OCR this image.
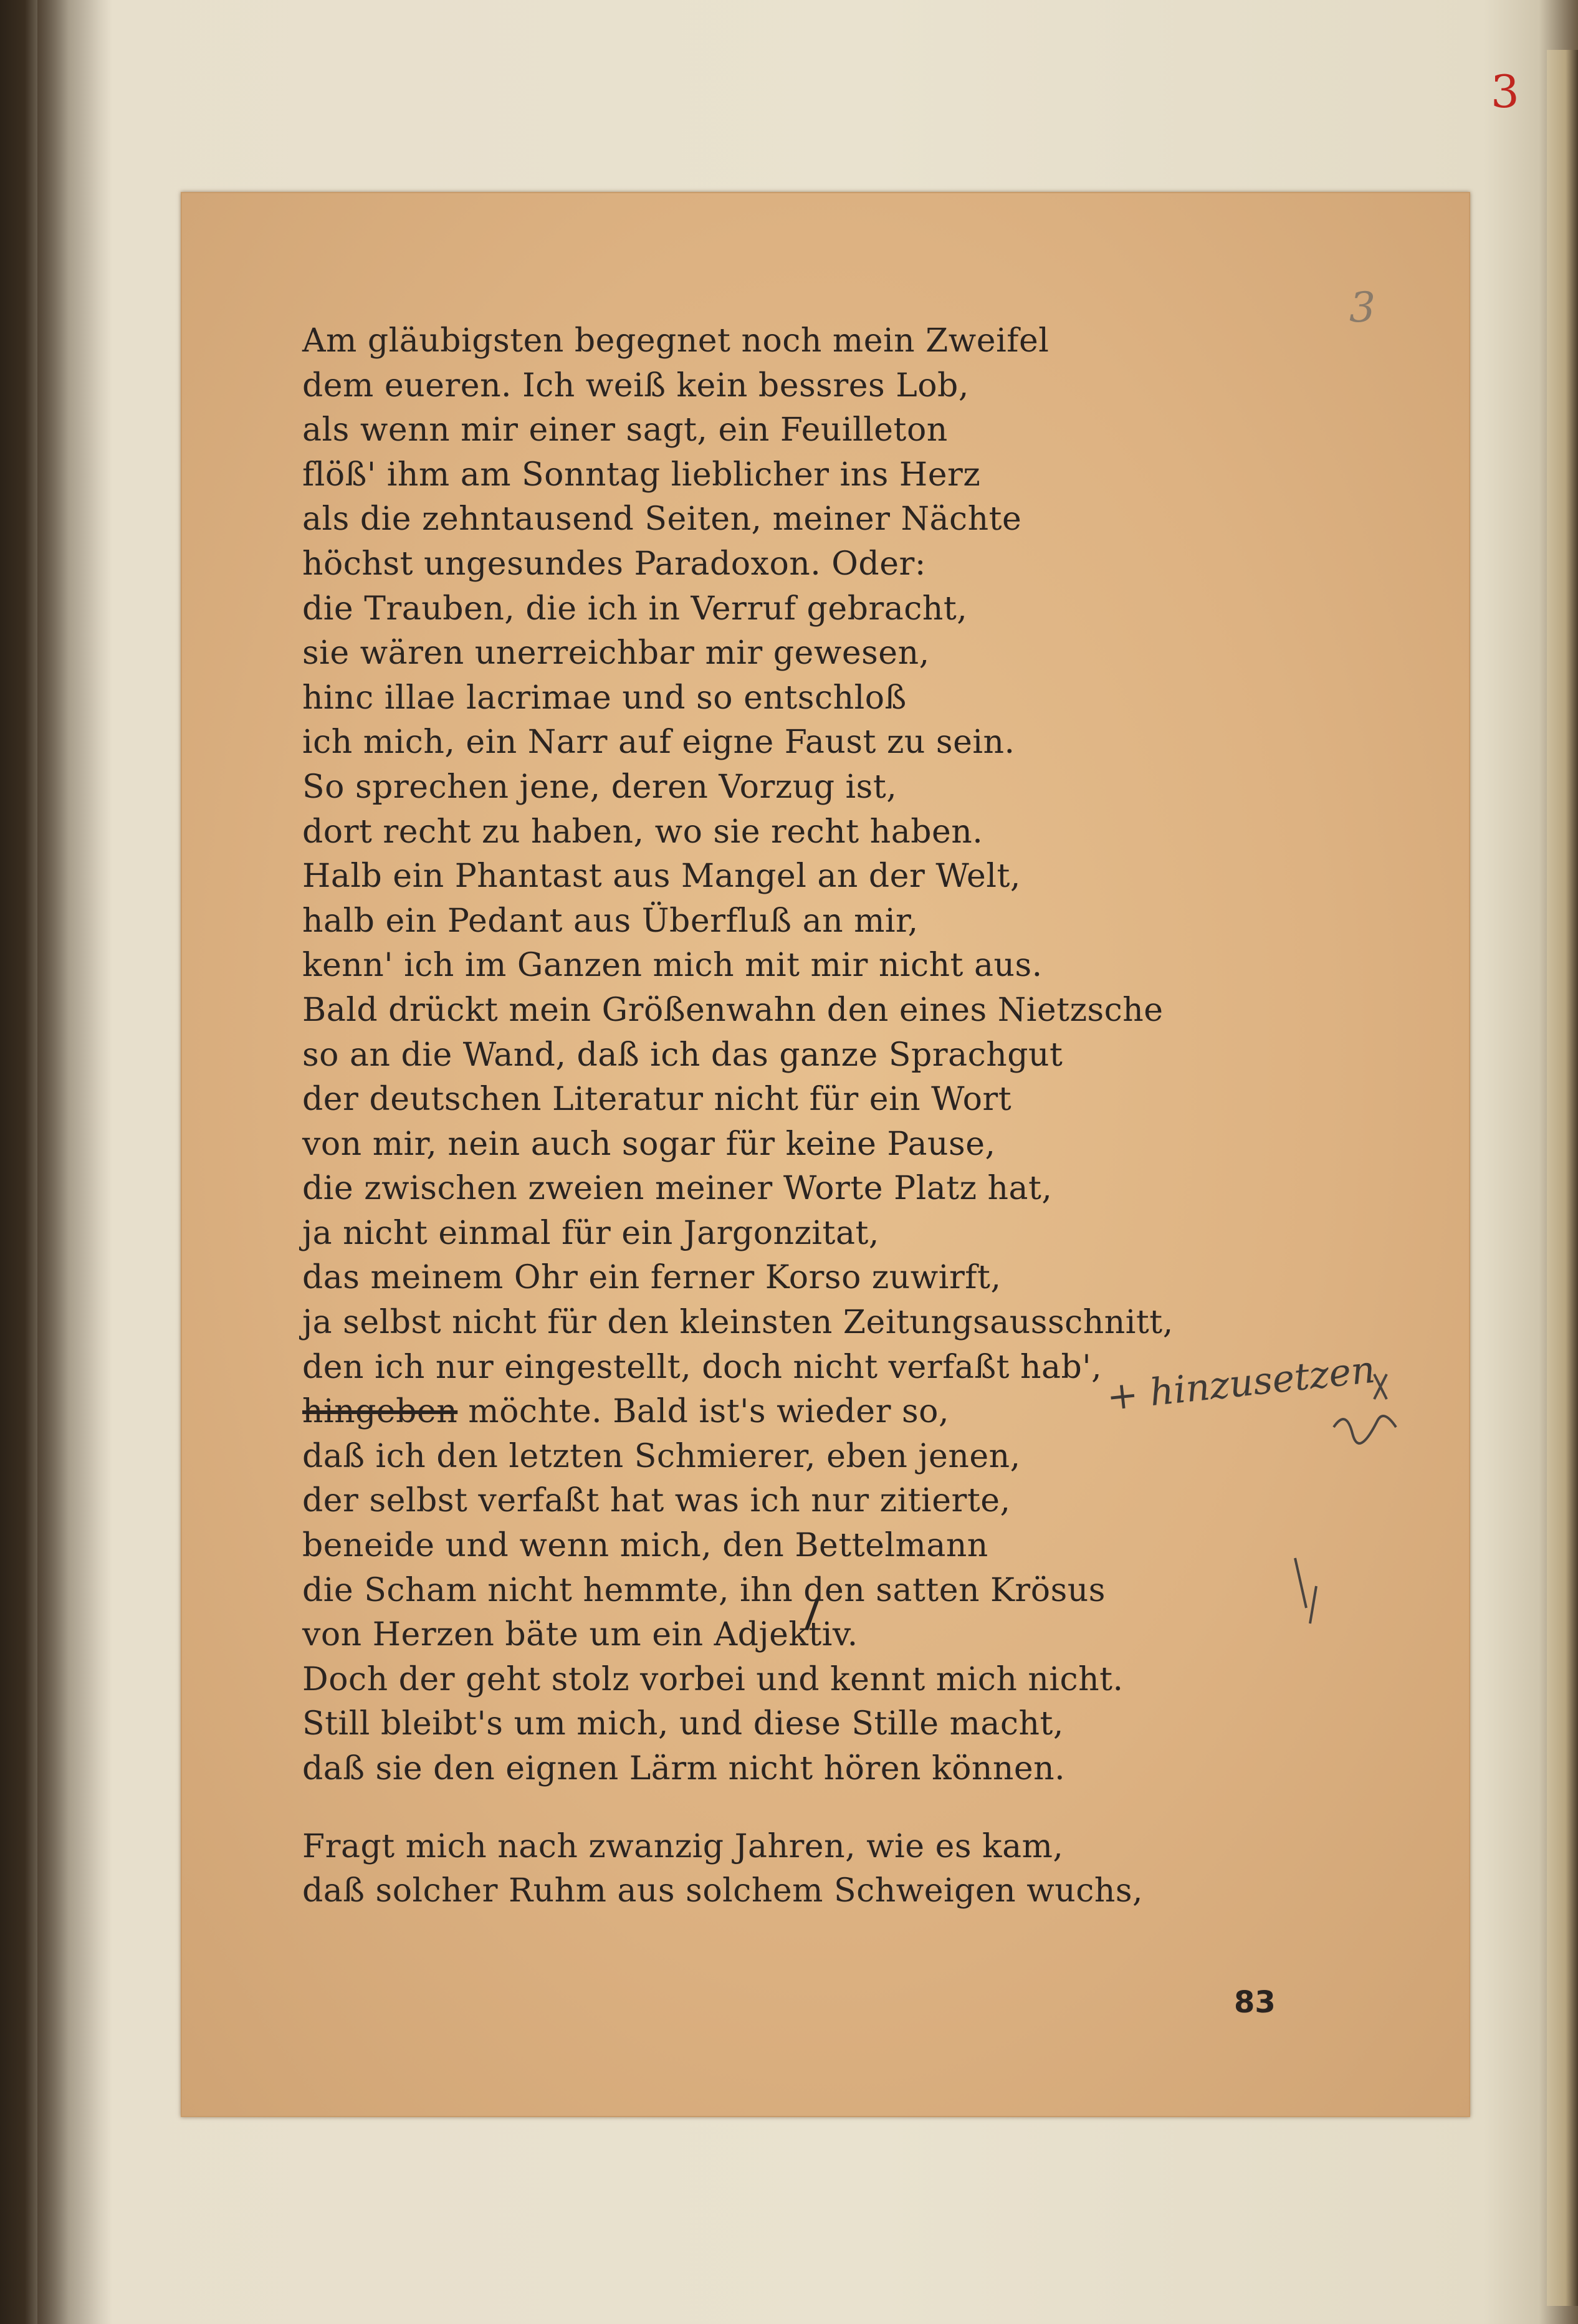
3
3
Am gläubigsten begegnet noch mein Zweifel
dem eueren. Ich weiß kein bessres Lob,
als wenn mir einer sagt, ein Feuilleton
flöß' ihm am Sonntag lieblicher ins Herz
als die zehntausend Seiten, meiner Nächte
höchst ungesundes Paradoxon. Oder:
die Trauben, die ich in Verruf gebracht,
sie wären unerreichbar mir gewesen,
hinc illae lacrimae und so entschloß
ich mich, ein Narr auf eigne Faust zu sein.
So sprechen jene, deren Vorzug ist,
dort recht zu haben, wo sie recht haben.
Halb ein Phantast aus Mangel an der Welt,
halb ein Pedant aus Überfluß an mir,
kenn' ich im Ganzen mich mit mir nicht aus.
Bald drückt mein Größenwahn den eines Nietzsche
so an die Wand, daß ich das ganze Sprachgut
der deutschen Literatur nicht für ein Wort
von mir, nein auch sogar für keine Pause,
die zwischen zweien meiner Worte Platz hat,
ja nicht einmal für ein Jargonzitat,
das meinem Ohr ein ferner Korso zuwirft,
ja selbst nicht für den kleinsten Zeitungsausschnitt,
den ich nur eingestellt, doch nicht verfaßt hab',
hingeben möchte. Bald ist's wieder so,
daß ich den letzten Schmierer, eben jenen,
der selbst verfaßt hat was ich nur zitierte,
beneide und wenn mich, den Bettelmann
die Scham nicht hemmte, ihn den satten Krösus
von Herzen bäte um ein Adjektiv.
Doch der geht stolz vorbei und kennt mich nicht.
Still bleibt's um mich, und diese Stille macht,
daß sie den eignen Lärm nicht hören können.
Fragt mich nach zwanzig Jahren, wie es kam,
daß solcher Ruhm aus solchem Schweigen wuchs,
+ hinzusetzen
83
